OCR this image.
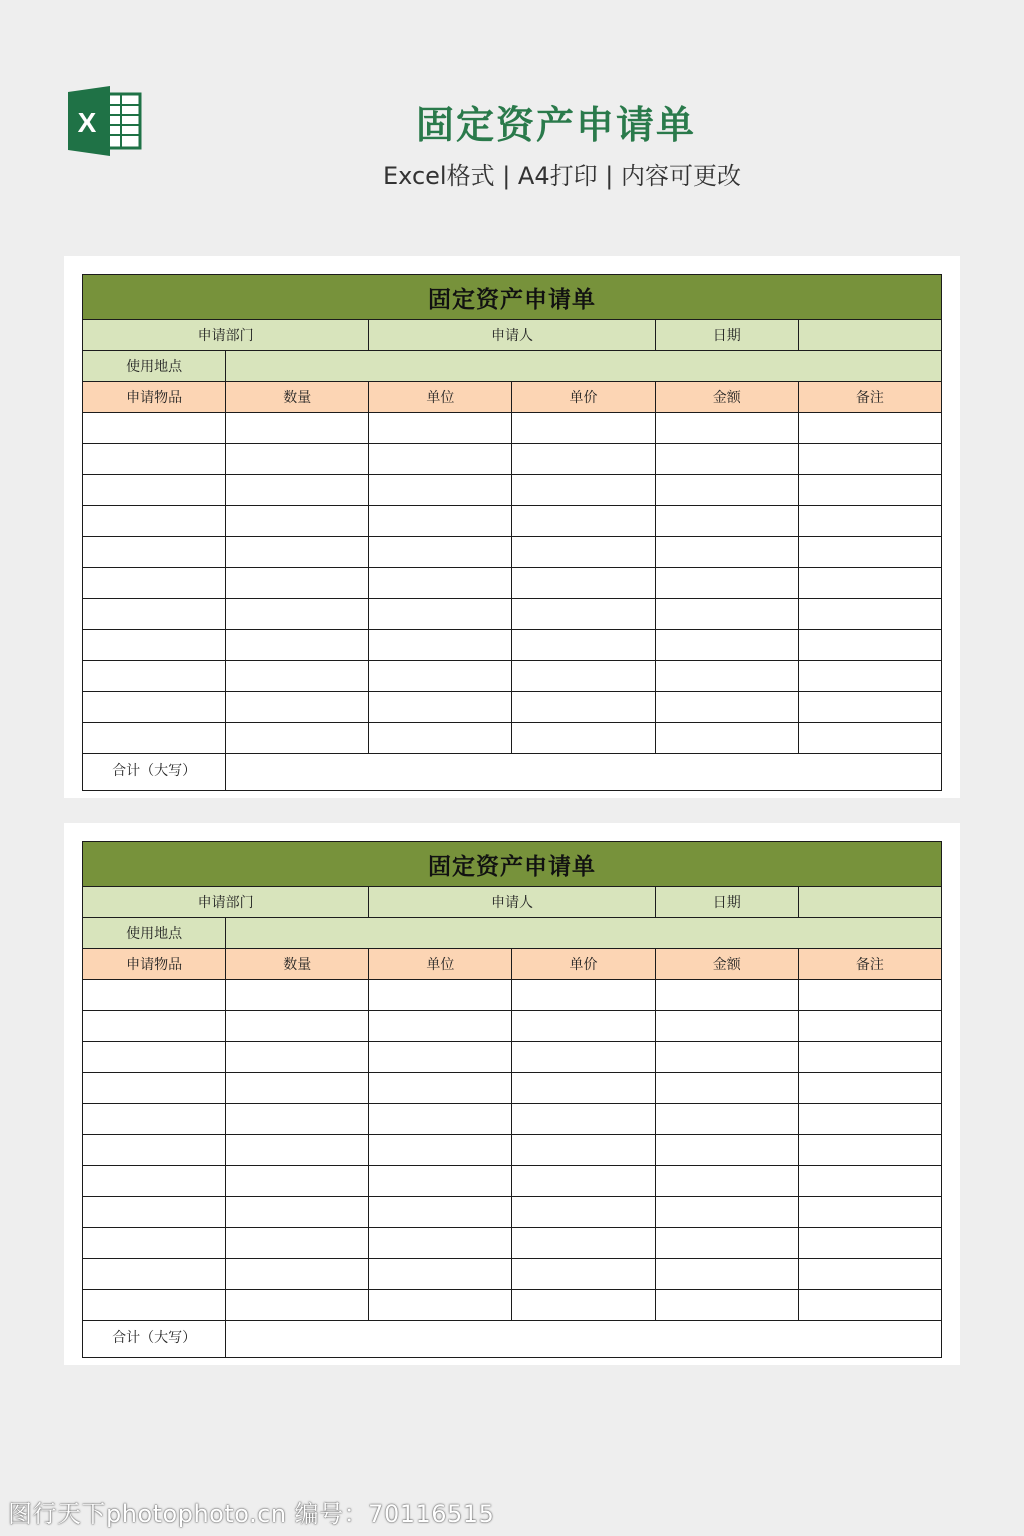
X	固定资产申请单
Excel格式 | A4打印 | 内容可更改
固定资产申请单					
申请部门		申请人		日期	
使用地点					
申请物品	数量	单位	单价	金额	备注

合计（大写）					
固定资产申请单					
申请部门		申请人		日期	
使用地点					
申请物品	数量	单位	单价	金额	备注

合计（大写）					
图行天下photophoto.cn 编号：70116515
